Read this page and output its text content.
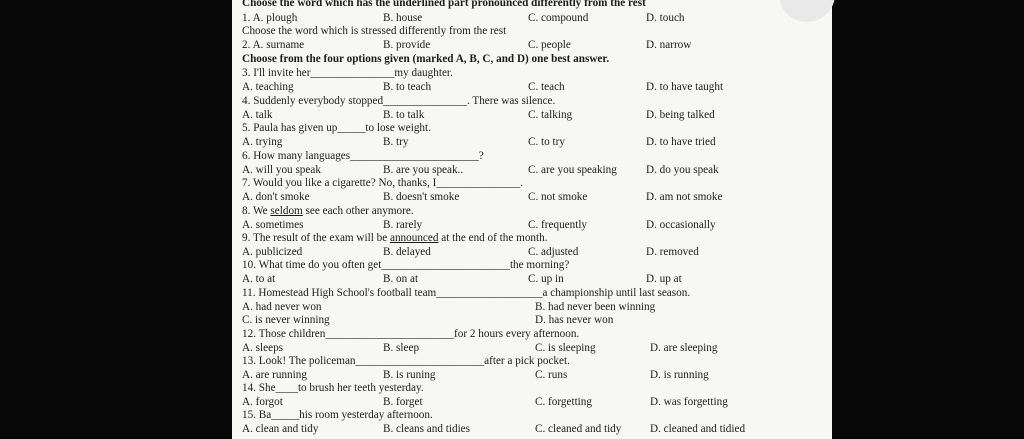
Choose the word which has the underlined part pronounced differently from the rest
1. A. plough	B. house	C. compound	D. touch
Choose the word which is stressed differently from the rest
2. A. surname	B. provide	C. people	D. narrow
Choose from the four options given (marked A, B, C, and D) one best answer.
3. I'll invite her_______________my daughter.
A. teaching	B. to teach	C. teach	D. to have taught
4. Suddenly everybody stopped_______________. There was silence.
A. talk	B. to talk	C. talking	D. being talked
5. Paula has given up_____to lose weight.
A. trying	B. try	C. to try	D. to have tried
6. How many languages_______________________?
A. will you speak	B. are you speak..	C. are you speaking	D. do you speak
7. Would you like a cigarette? No, thanks, I_______________.
A. don't smoke	B. doesn't smoke	C. not smoke	D. am not smoke
8. We seldom see each other anymore.
A. sometimes	B. rarely	C. frequently	D. occasionally
9. The result of the exam will be announced at the end of the month.
A. publicized	B. delayed	C. adjusted	D. removed
10. What time do you often get_______________________the morning?
A. to at	B. on at	C. up in	D. up at
11. Homestead High School's football team___________________a championship until last season.
A. had never won	B. had never been winning
C. is never winning	D. has never won
12. Those children_______________________for 2 hours every afternoon.
A. sleeps	B. sleep	C. is sleeping	D. are sleeping
13. Look! The policeman_______________________after a pick pocket.
A. are running	B. is runing	C. runs	D. is running
14. She____to brush her teeth yesterday.
A. forgot	B. forget	C. forgetting	D. was forgetting
15. Ba_____his room yesterday afternoon.
A. clean and tidy	B. cleans and tidies	C. cleaned and tidy	D. cleaned and tidied
